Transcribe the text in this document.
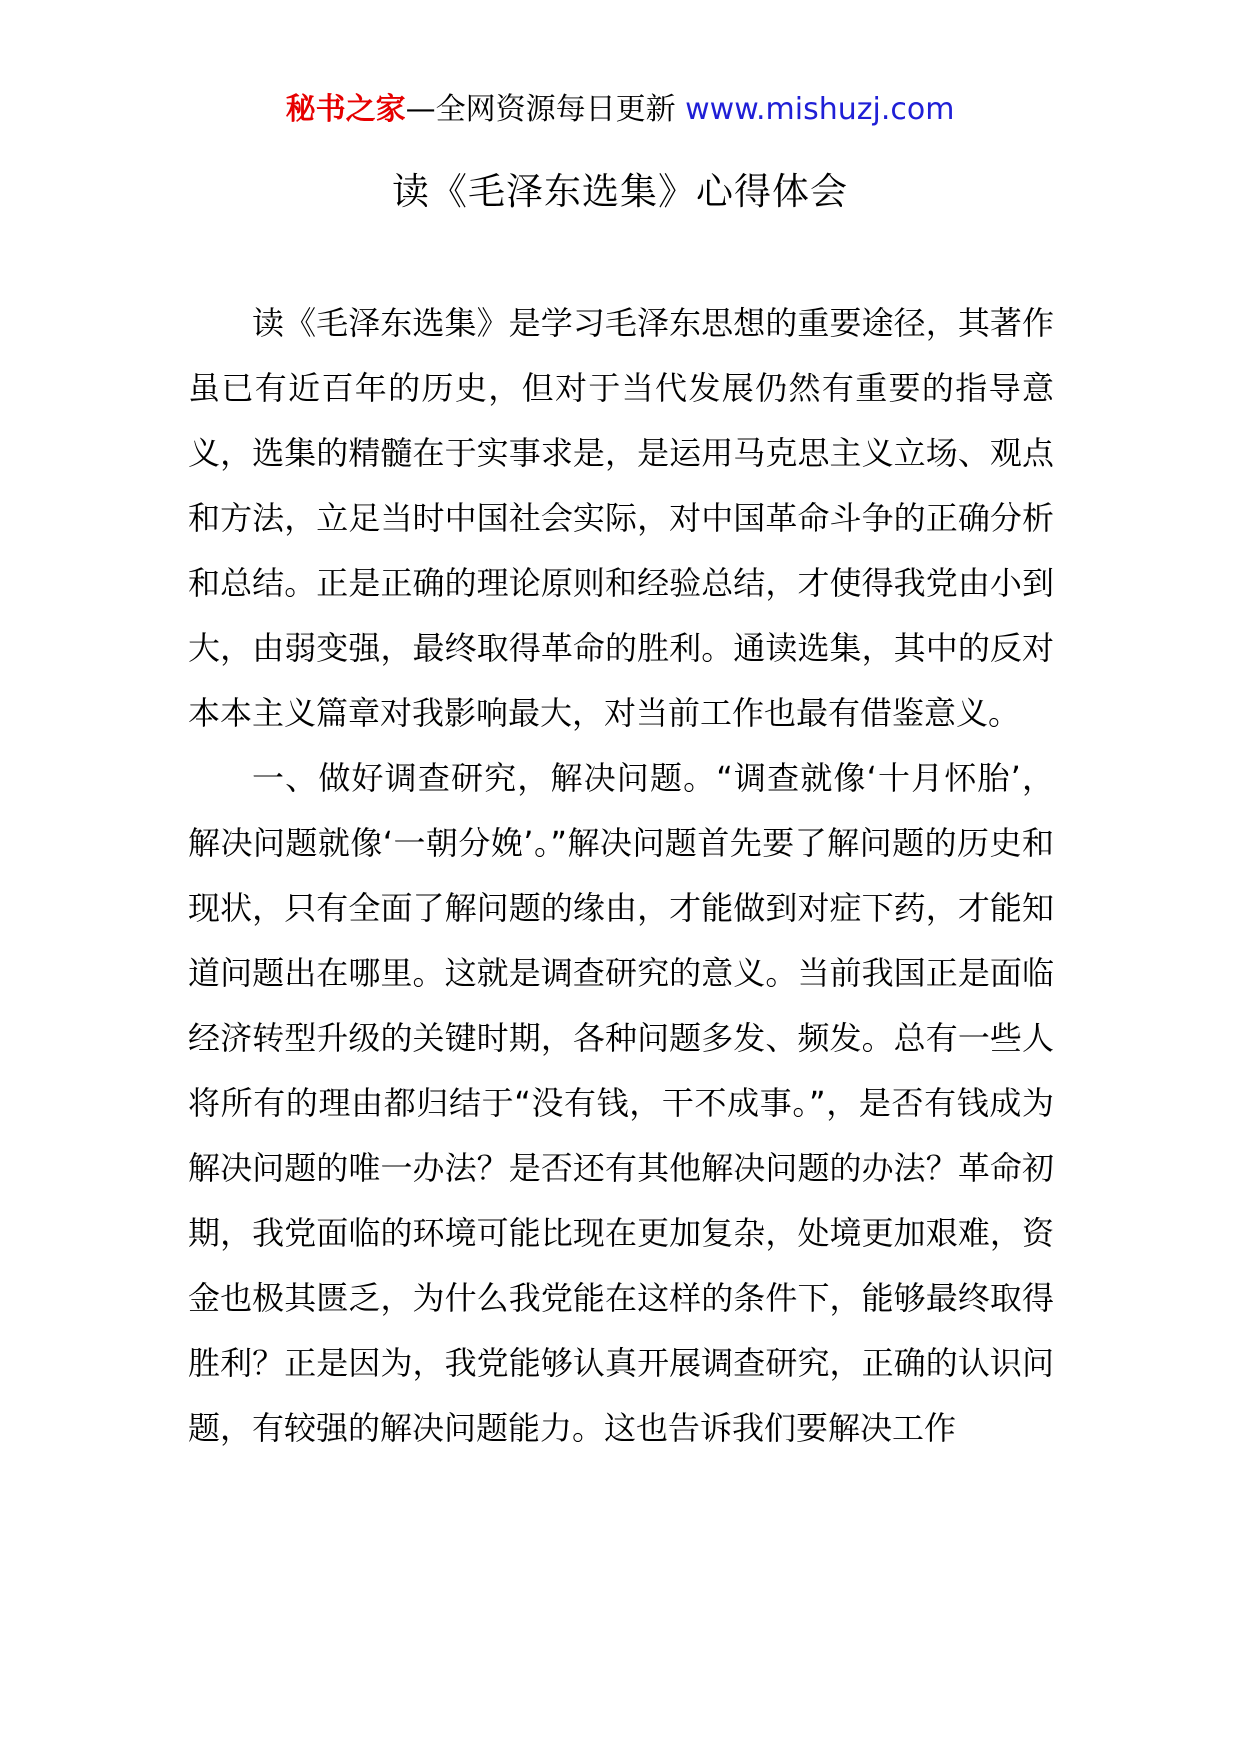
秘书之家—全网资源每日更新 www.mishuzj.com
读《毛泽东选集》心得体会

读《毛泽东选集》是学习毛泽东思想的重要途径，其著作虽已有近百年的历史，但对于当代发展仍然有重要的指导意义，选集的精髓在于实事求是，是运用马克思主义立场、观点和方法，立足当时中国社会实际，对中国革命斗争的正确分析和总结。正是正确的理论原则和经验总结，才使得我党由小到大，由弱变强，最终取得革命的胜利。通读选集，其中的反对本本主义篇章对我影响最大，对当前工作也最有借鉴意义。

一、做好调查研究，解决问题。“调查就像‘十月怀胎’，解决问题就像‘一朝分娩’。”解决问题首先要了解问题的历史和现状，只有全面了解问题的缘由，才能做到对症下药，才能知道问题出在哪里。这就是调查研究的意义。当前我国正是面临经济转型升级的关键时期，各种问题多发、频发。总有一些人将所有的理由都归结于“没有钱，干不成事。”，是否有钱成为解决问题的唯一办法？是否还有其他解决问题的办法？革命初期，我党面临的环境可能比现在更加复杂，处境更加艰难，资金也极其匮乏，为什么我党能在这样的条件下，能够最终取得胜利？正是因为，我党能够认真开展调查研究，正确的认识问题，有较强的解决问题能力。这也告诉我们要解决工作
